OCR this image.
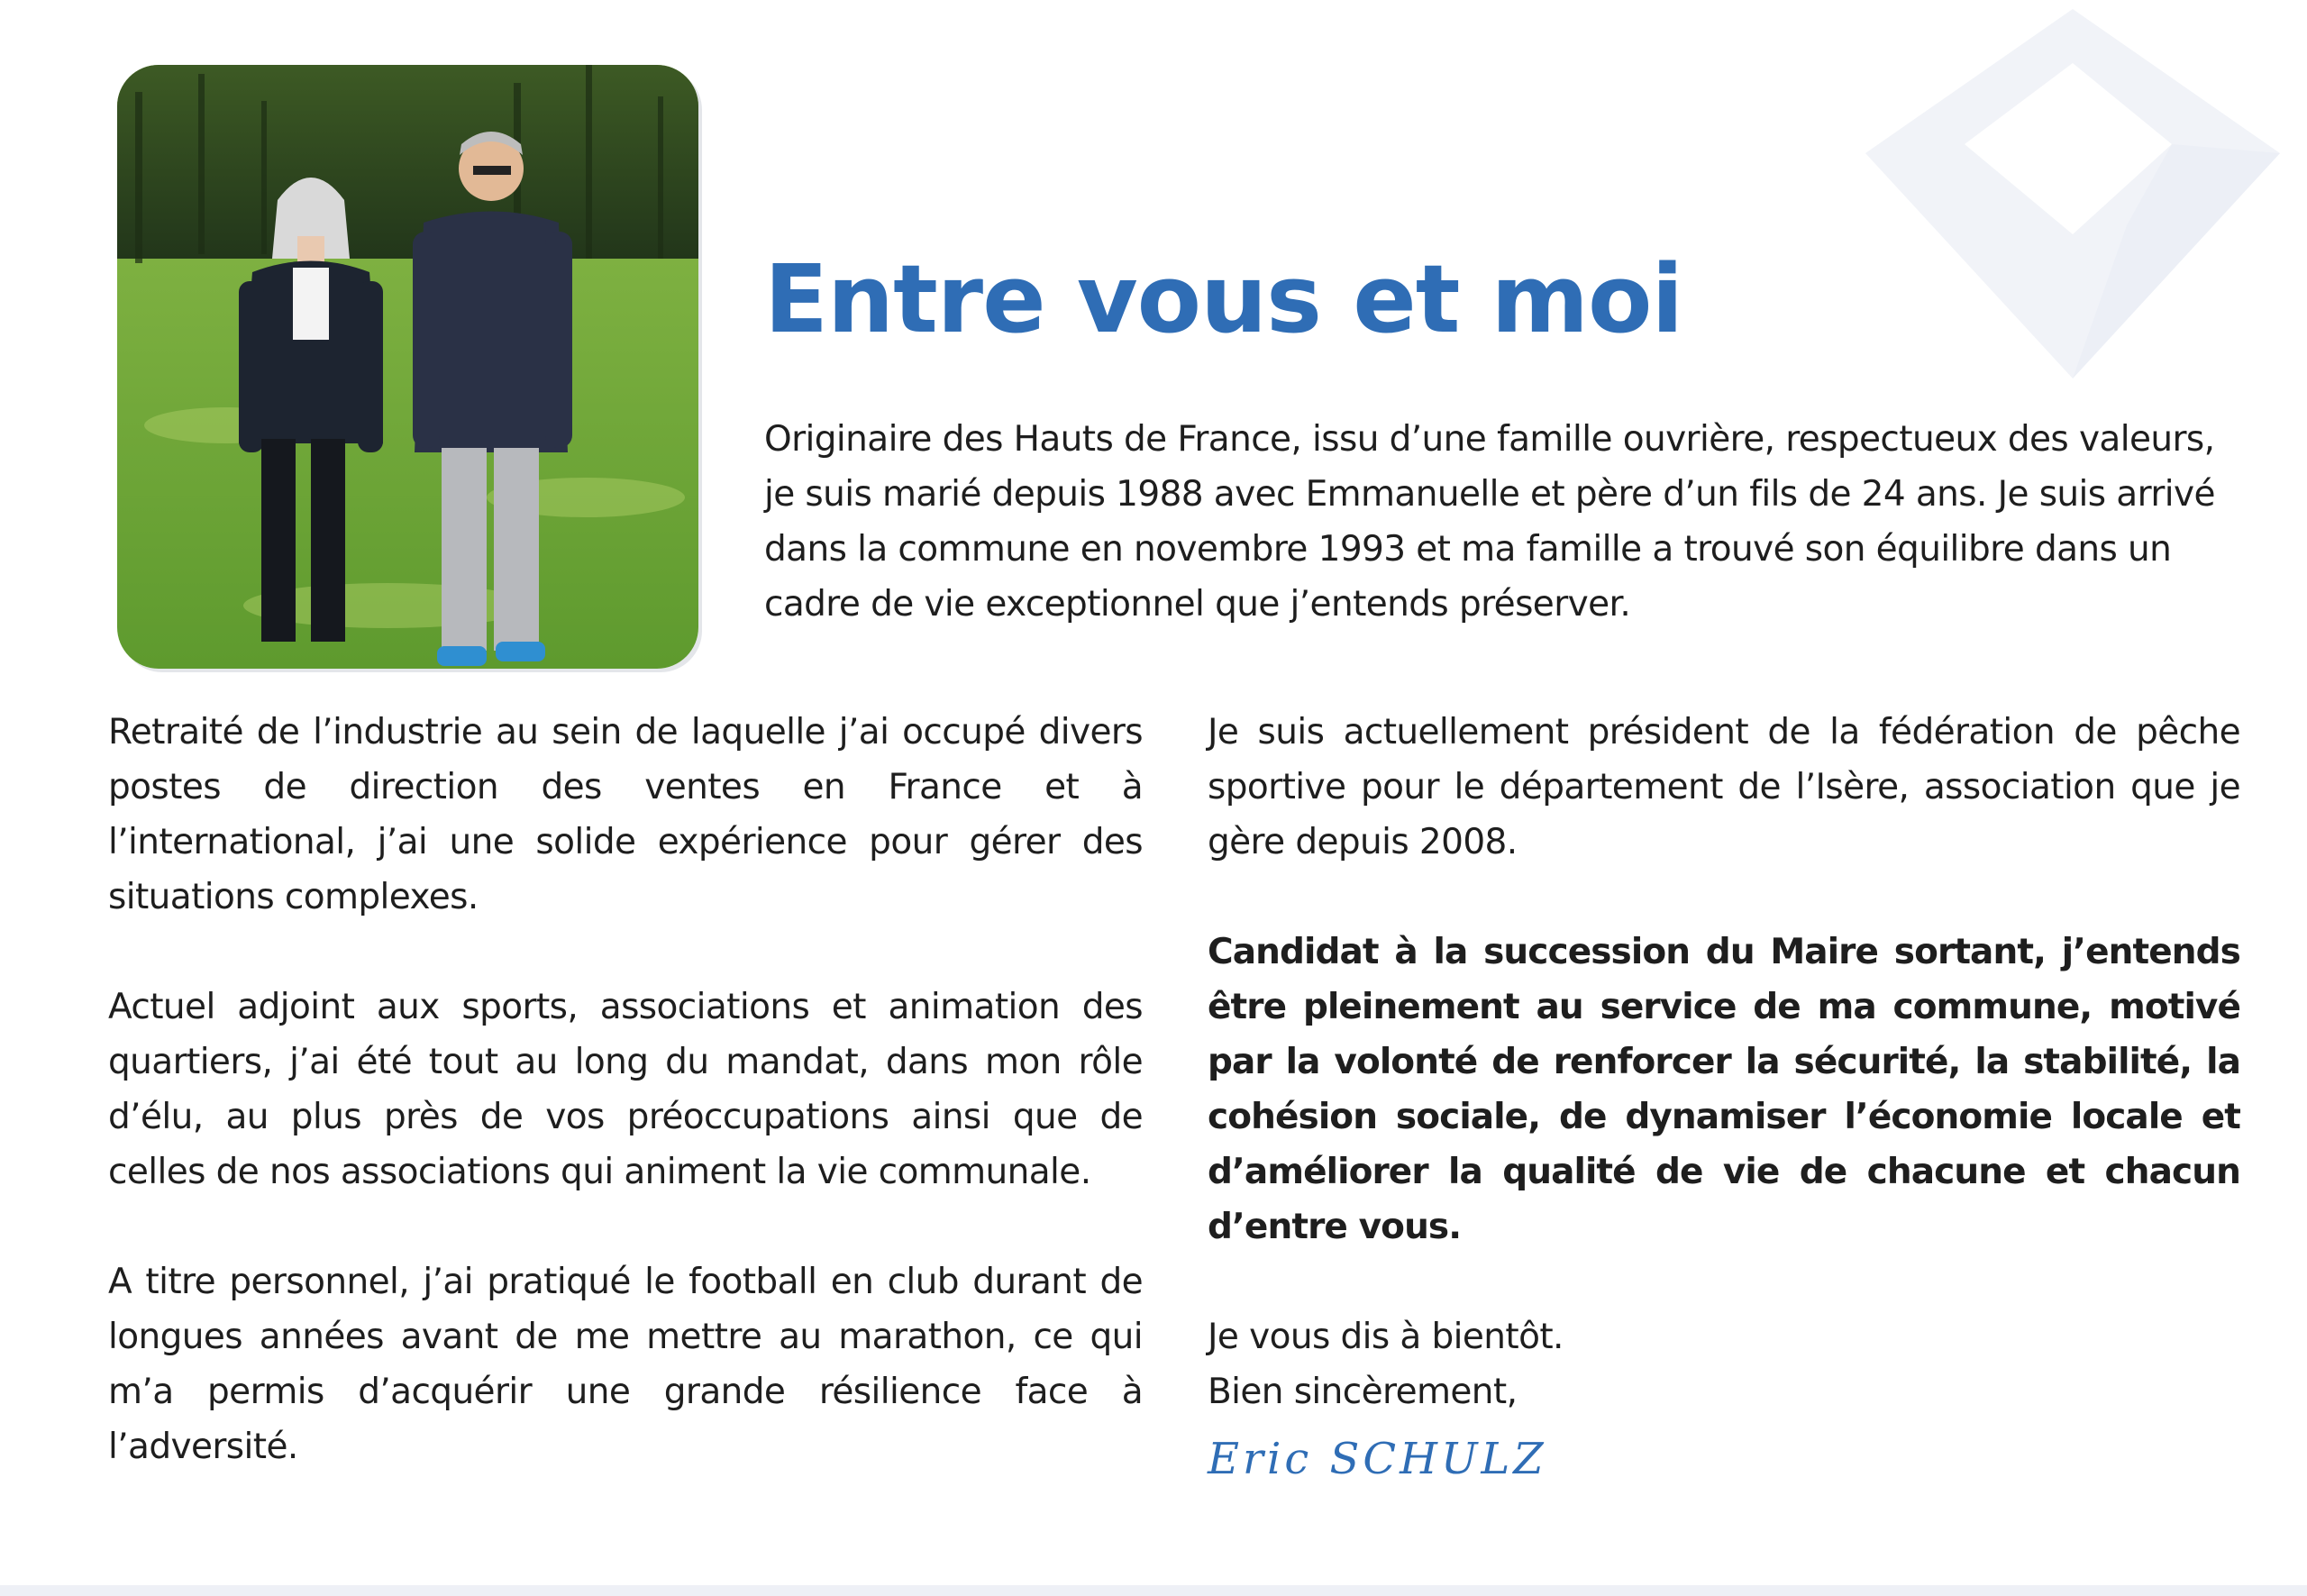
Entre vous et moi

Originaire des Hauts de France, issu d’une famille ouvrière, respectueux des valeurs, je suis marié depuis 1988 avec Emmanuelle et père d’un fils de 24 ans. Je suis arrivé dans la commune en novembre 1993 et ma famille a trouvé son équilibre dans un cadre de vie exceptionnel que j’entends préserver.

Retraité de l’industrie au sein de laquelle j’ai occupé divers postes de direction des ventes en France et à l’international, j’ai une solide expérience pour gérer des situations complexes.

Actuel adjoint aux sports, associations et animation des quartiers, j’ai été tout au long du mandat, dans mon rôle d’élu, au plus près de vos préoccupations ainsi que de celles de nos associations qui animent la vie communale.

A titre personnel, j’ai pratiqué le football en club durant de longues années avant de me mettre au marathon, ce qui m’a permis d’acquérir une grande résilience face à l’adversité.

Je suis actuellement président de la fédération de pêche sportive pour le département de l’Isère, association que je gère depuis 2008.

Candidat à la succession du Maire sortant, j’entends être pleinement au service de ma commune, motivé par la volonté de renforcer la sécurité, la stabilité, la cohésion sociale, de dynamiser l’économie locale et d’améliorer la qualité de vie de chacune et chacun d’entre vous.

Je vous dis à bientôt.

Bien sincèrement,

Eric SCHULZ
